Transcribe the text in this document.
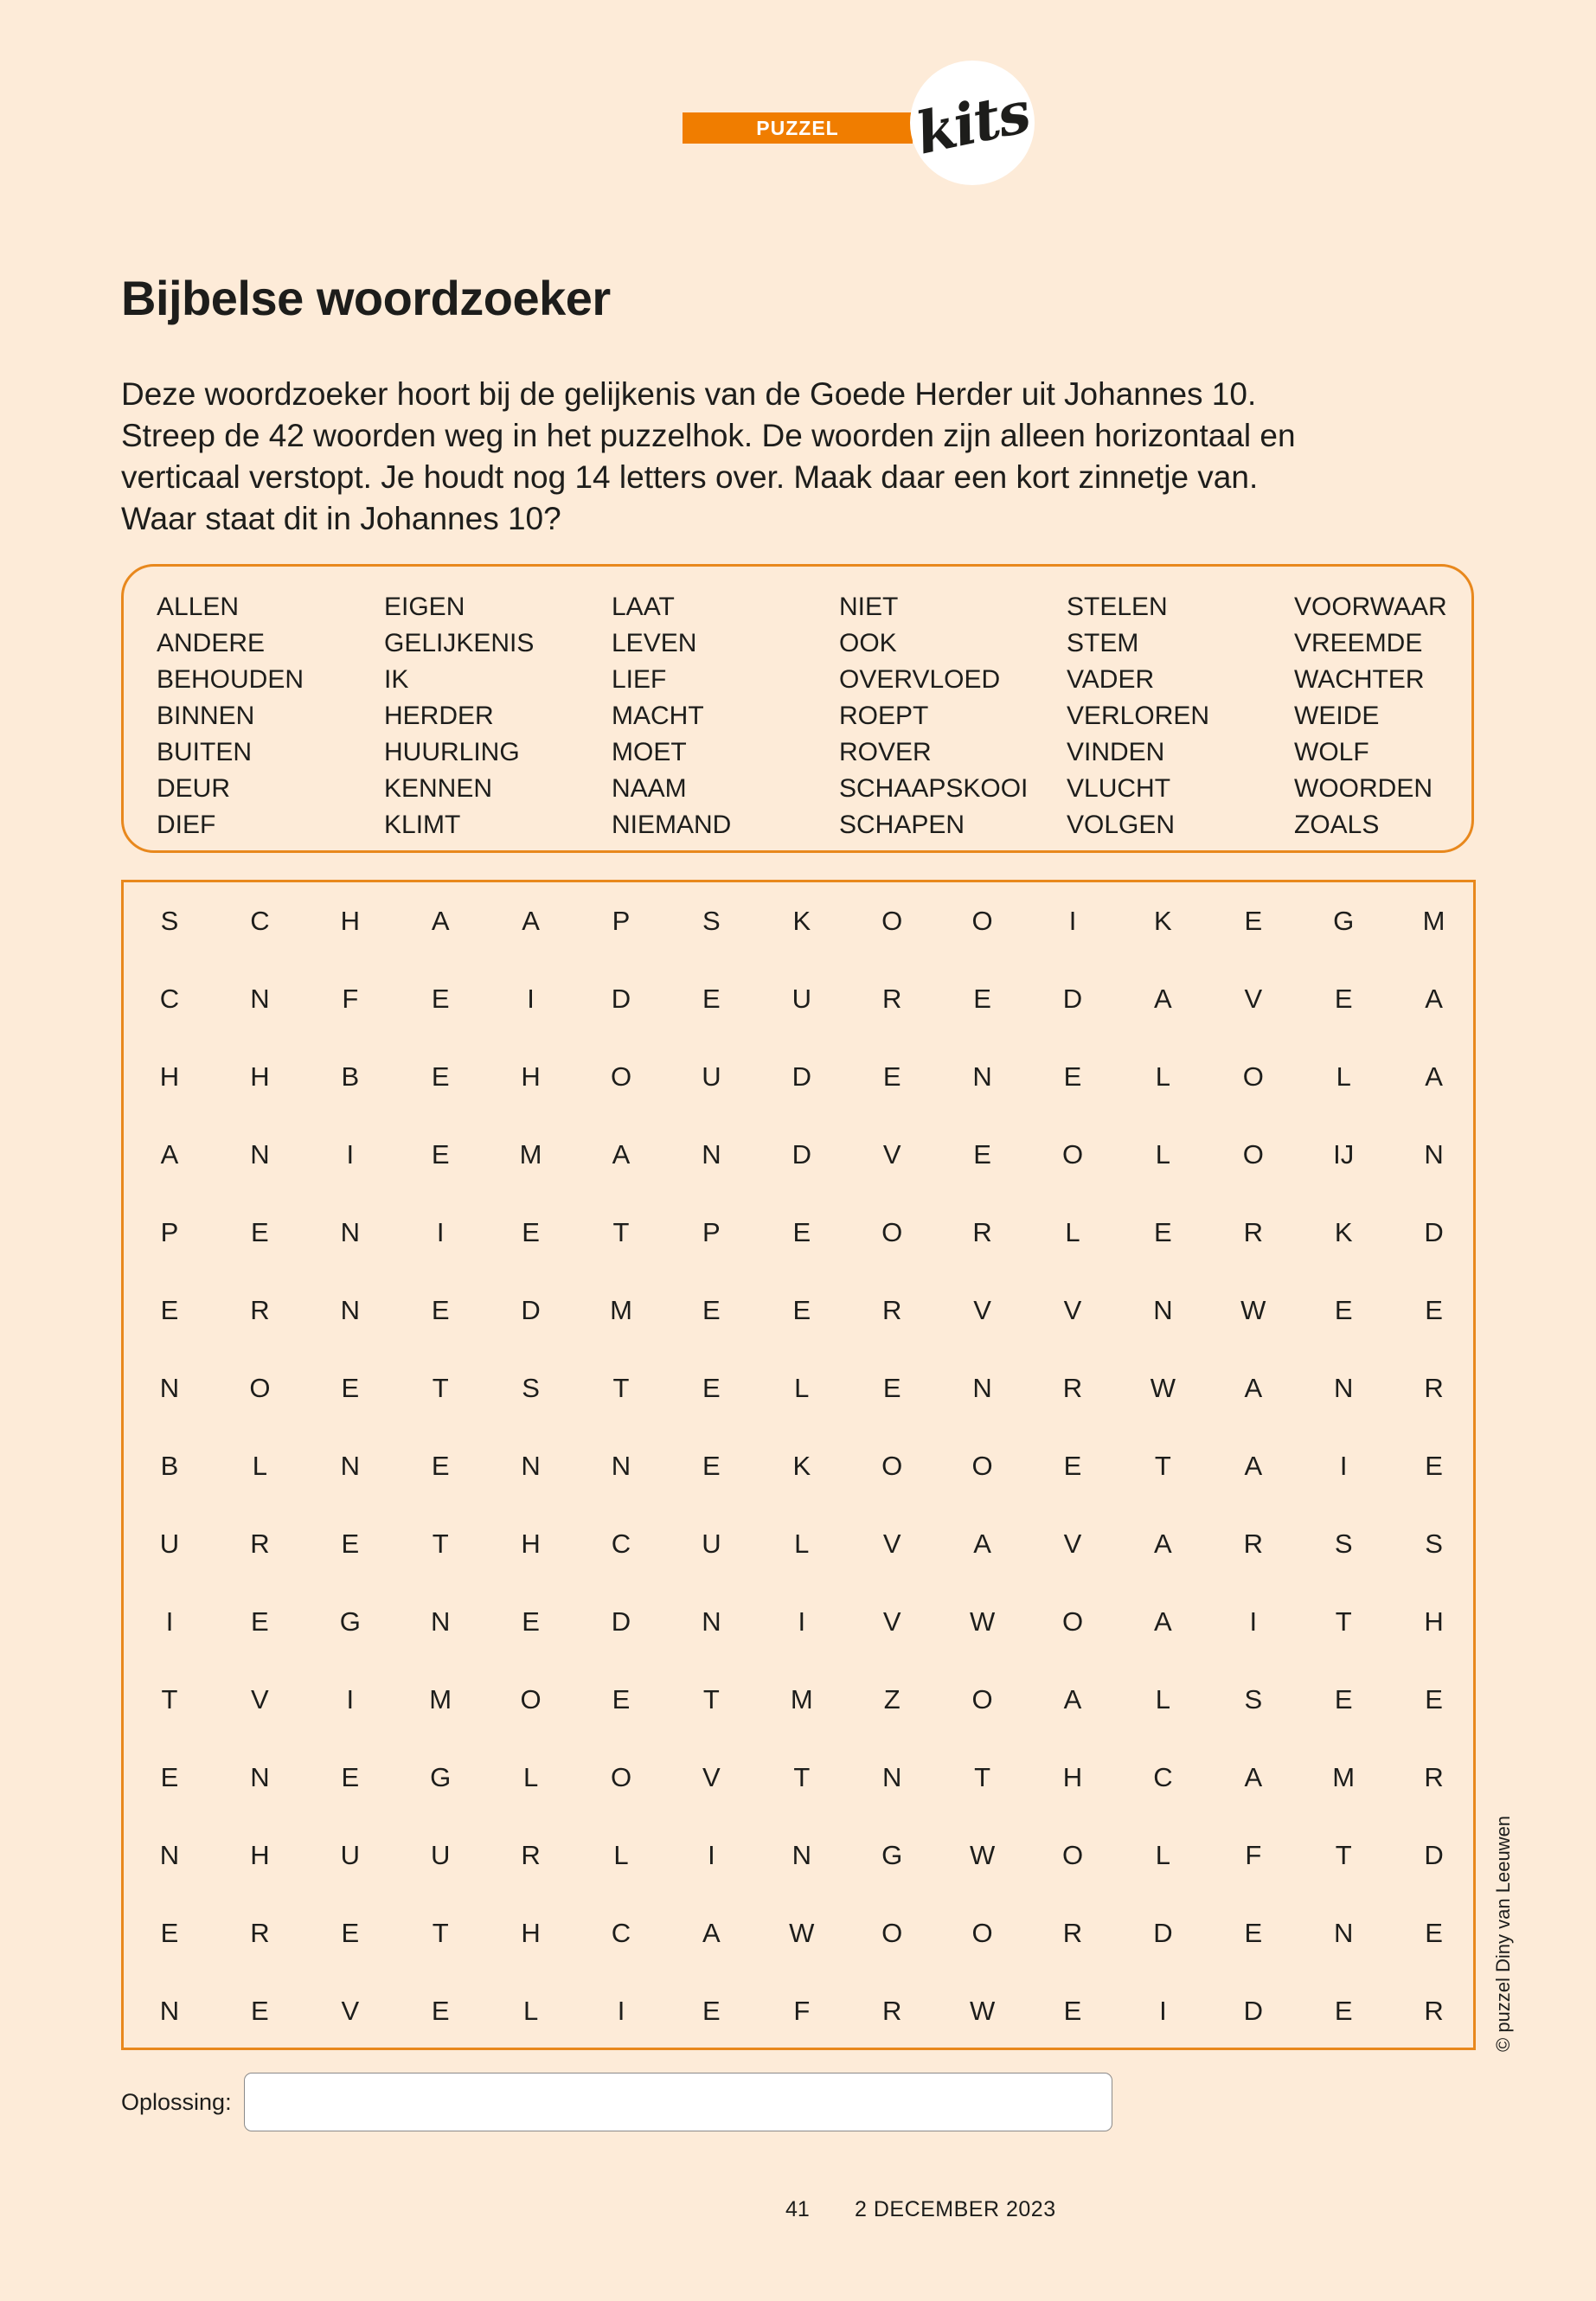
PUZZEL	kits
Bijbelse woordzoeker

Deze woordzoeker hoort bij de gelijkenis van de Goede Herder uit Johannes 10.

Streep de 42 woorden weg in het puzzelhok. De woorden zijn alleen horizontaal en

verticaal verstopt. Je houdt nog 14 letters over. Maak daar een kort zinnetje van.

Waar staat dit in Johannes 10?

ALLEN
ANDERE
BEHOUDEN
BINNEN
BUITEN
DEUR
DIEF
EIGEN
GELIJKENIS
IK
HERDER
HUURLING
KENNEN
KLIMT
LAAT
LEVEN
LIEF
MACHT
MOET
NAAM
NIEMAND
NIET
OOK
OVERVLOED
ROEPT
ROVER
SCHAAPSKOOI
SCHAPEN
STELEN
STEM
VADER
VERLOREN
VINDEN
VLUCHT
VOLGEN
VOORWAAR
VREEMDE
WACHTER
WEIDE
WOLF
WOORDEN
ZOALS
S	C	H	A	A	P	S	K	O	O	I	K	E	G	M
C	N	F	E	I	D	E	U	R	E	D	A	V	E	A
H	H	B	E	H	O	U	D	E	N	E	L	O	L	A
A	N	I	E	M	A	N	D	V	E	O	L	O	IJ	N
P	E	N	I	E	T	P	E	O	R	L	E	R	K	D
E	R	N	E	D	M	E	E	R	V	V	N	W	E	E
N	O	E	T	S	T	E	L	E	N	R	W	A	N	R
B	L	N	E	N	N	E	K	O	O	E	T	A	I	E
U	R	E	T	H	C	U	L	V	A	V	A	R	S	S
I	E	G	N	E	D	N	I	V	W	O	A	I	T	H
T	V	I	M	O	E	T	M	Z	O	A	L	S	E	E
E	N	E	G	L	O	V	T	N	T	H	C	A	M	R
N	H	U	U	R	L	I	N	G	W	O	L	F	T	D
E	R	E	T	H	C	A	W	O	O	R	D	E	N	E
N	E	V	E	L	I	E	F	R	W	E	I	D	E	R	© puzzel Diny van Leeuwen
Oplossing:
41 2 DECEMBER 2023
